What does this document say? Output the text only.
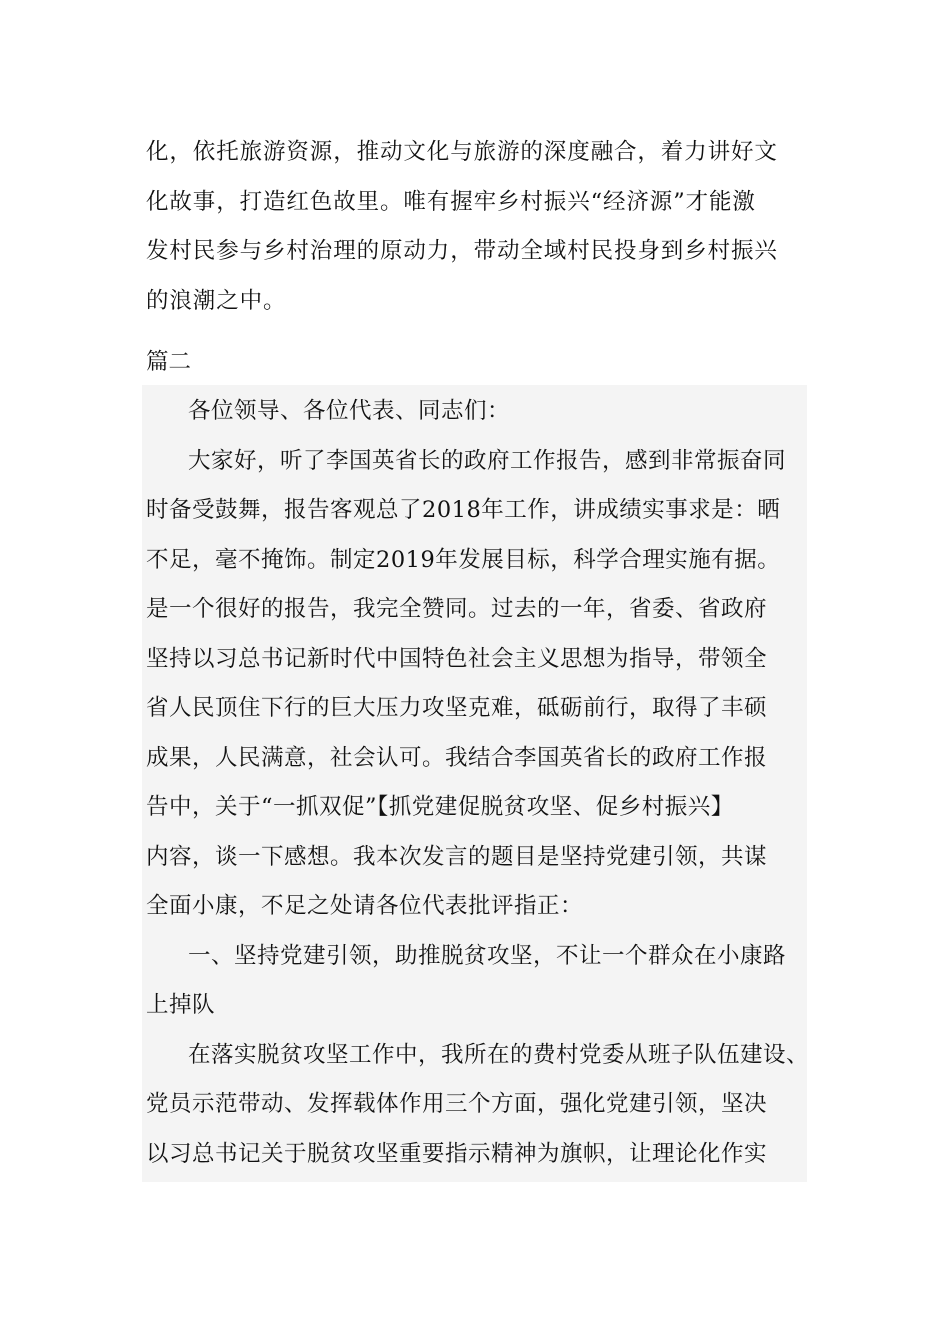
化，依托旅游资源，推动文化与旅游的深度融合，着力讲好文
化故事，打造红色故里。唯有握牢乡村振兴“经济源”才能激
发村民参与乡村治理的原动力，带动全域村民投身到乡村振兴
的浪潮之中。
篇二
各位领导、各位代表、同志们：
大家好，听了李国英省长的政府工作报告，感到非常振奋同
时备受鼓舞，报告客观总了2018年工作，讲成绩实事求是：晒
不足，毫不掩饰。制定2019年发展目标，科学合理实施有据。
是一个很好的报告，我完全赞同。过去的一年，省委、省政府
坚持以习总书记新时代中国特色社会主义思想为指导，带领全
省人民顶住下行的巨大压力攻坚克难，砥砺前行，取得了丰硕
成果，人民满意，社会认可。我结合李国英省长的政府工作报
告中，关于“一抓双促”【抓党建促脱贫攻坚、促乡村振兴】
内容，谈一下感想。我本次发言的题目是坚持党建引领，共谋
全面小康，不足之处请各位代表批评指正：
一、坚持党建引领，助推脱贫攻坚，不让一个群众在小康路
上掉队
在落实脱贫攻坚工作中，我所在的费村党委从班子队伍建设、
党员示范带动、发挥载体作用三个方面，强化党建引领，坚决
以习总书记关于脱贫攻坚重要指示精神为旗帜，让理论化作实
